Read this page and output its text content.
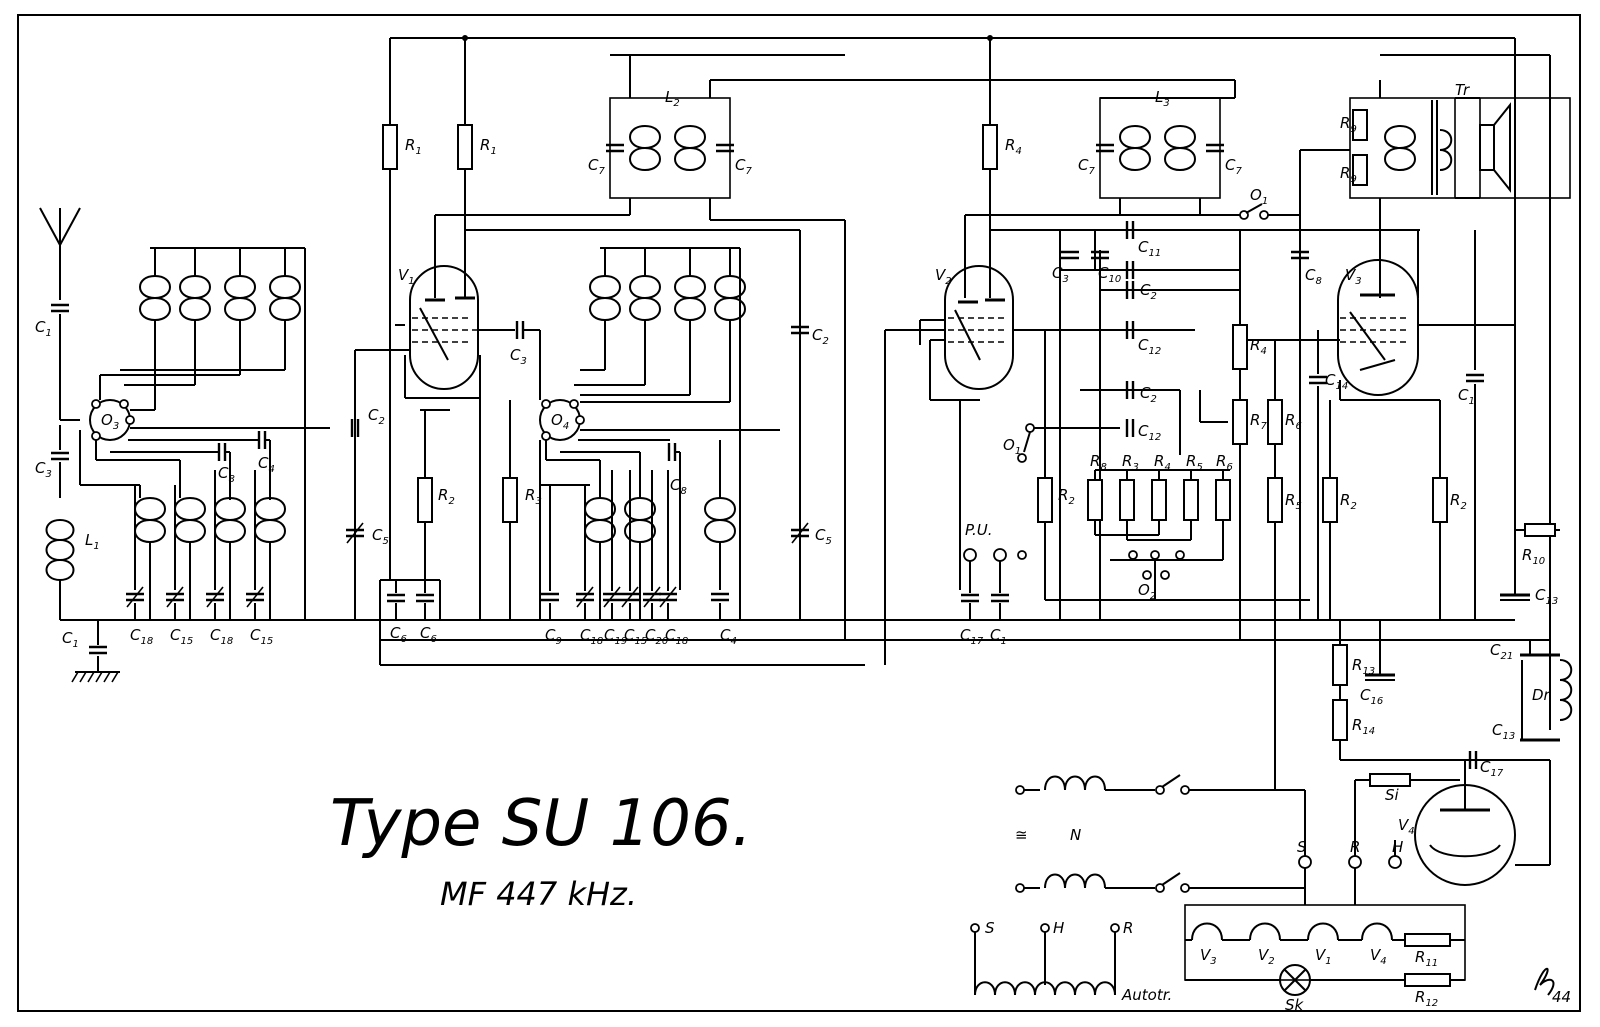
$C_1$
$C_3$
$L_1$
$C_1$
$O_3$
$C_8$
$C_4$
$C_{18}$ $C_{15}$ $C_{18}$ $C_{15}$
$R_1$	$R_1$
$V_1$
$C_3$
$C_2$
$C_5$
$R_2$
$C_6$ $C_6$
$C_2$
$C_5$
$R_3$
$O_4$
$C_8$
$C_9$ $C_{18}$ $C_{19}$
$C_{15}$
$C_{20}$
$C_{18}$ $C_4$
$L_2$
$C_7$	$C_7$
$R_4$
$V_2$
$R_2$
P.U.
$C_{17}$ $C_1$
$O_1$
$L_3$
$C_7$	$C_7$
$O_1$
$C_{11}$
$C_3$ $C_{10}$
$C_2$
$C_{12}$
$C_2$
$C_{12}$
$R_8$ $R_3$ $R_4$ $R_5$ $R_6$
$O_2$
$R_4$
$R_7$ $R_6$
$R_5$
$C_8$
$C_{14}$
$V_3$
$R_9$
$R_9$
Tr
$C_1$
$R_2$
$R_2$
$R_{10}$
$C_{13}$
$C_{21}$
Dr
$C_{13}$
$R_{13}$
$C_{16}$
$R_{14}$
≅	N
S	R H
Si
$V_4$
$C_{17}$
$V_3$	$V_2$	$V_1$	$V_4$ $R_{11}$
$R_{12}$
Sk
S	H	R
Autotr.
Type SU 106.
MF 447 kHz.
44
